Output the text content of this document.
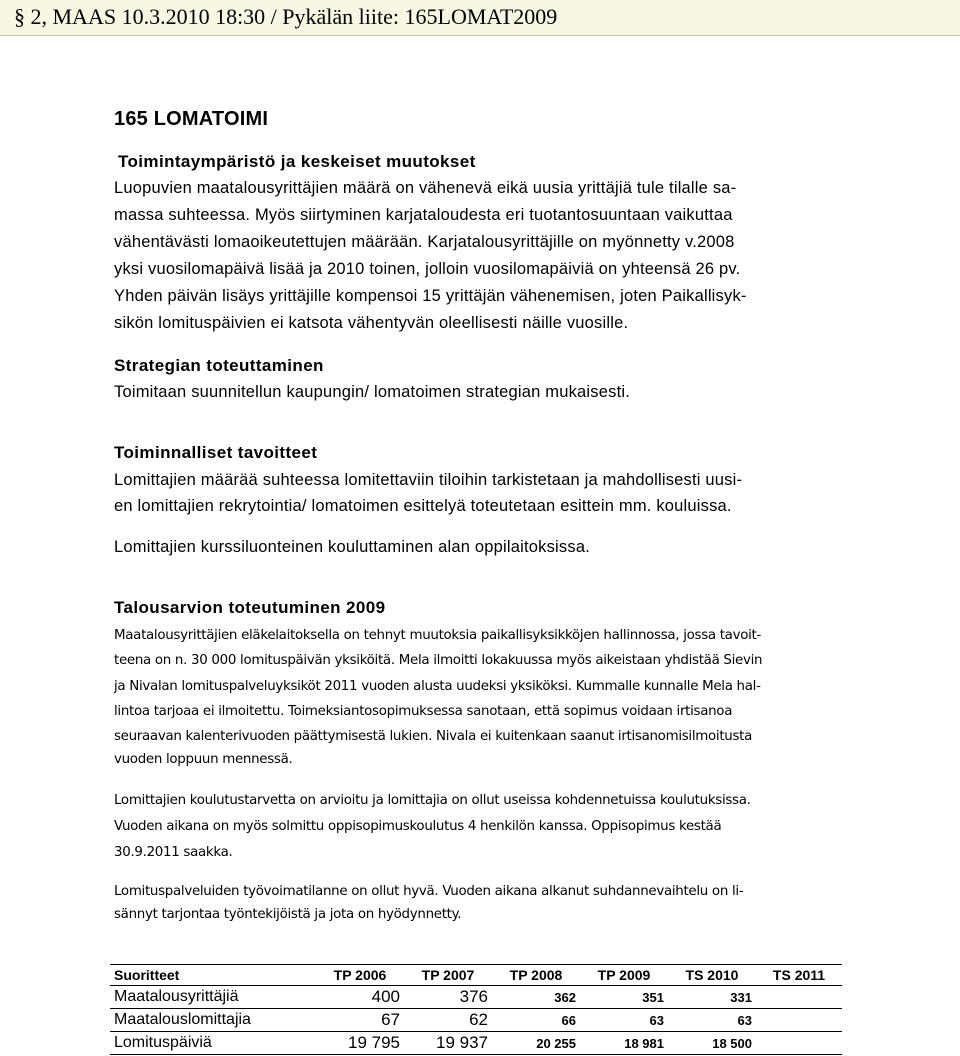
§ 2, MAAS 10.3.2010 18:30 / Pykälän liite: 165LOMAT2009
165 LOMATOIMI
Toimintaympäristö ja keskeiset muutokset
Luopuvien maatalousyrittäjien määrä on vähenevä eikä uusia yrittäjiä tule tilalle sa-
massa suhteessa. Myös siirtyminen karjataloudesta eri tuotantosuuntaan vaikuttaa
vähentävästi lomaoikeutettujen määrään. Karjatalousyrittäjille on myönnetty v.2008
yksi vuosilomapäivä lisää ja 2010 toinen, jolloin vuosilomapäiviä on yhteensä 26 pv.
Yhden päivän lisäys yrittäjille kompensoi 15 yrittäjän vähenemisen, joten Paikallisyk-
sikön lomituspäivien ei katsota vähentyvän oleellisesti näille vuosille.
Strategian toteuttaminen
Toimitaan suunnitellun kaupungin/ lomatoimen strategian mukaisesti.
Toiminnalliset tavoitteet
Lomittajien määrää suhteessa lomitettaviin tiloihin tarkistetaan ja mahdollisesti uusi-
en lomittajien rekrytointia/ lomatoimen esittelyä toteutetaan esittein mm. kouluissa.
Lomittajien kurssiluonteinen kouluttaminen alan oppilaitoksissa.
Talousarvion toteutuminen 2009
Maatalousyrittäjien eläkelaitoksella on tehnyt muutoksia paikallisyksikköjen hallinnossa, jossa tavoit-
teena on n. 30 000 lomituspäivän yksiköitä. Mela ilmoitti lokakuussa myös aikeistaan yhdistää Sievin
ja Nivalan lomituspalveluyksiköt 2011 vuoden alusta uudeksi yksiköksi. Kummalle kunnalle Mela hal-
lintoa tarjoaa ei ilmoitettu. Toimeksiantosopimuksessa sanotaan, että sopimus voidaan irtisanoa
seuraavan kalenterivuoden päättymisestä lukien. Nivala ei kuitenkaan saanut irtisanomisilmoitusta
vuoden loppuun mennessä.
Lomittajien koulutustarvetta on arvioitu ja lomittajia on ollut useissa kohdennetuissa koulutuksissa.
Vuoden aikana on myös solmittu oppisopimuskoulutus 4 henkilön kanssa. Oppisopimus kestää
30.9.2011 saakka.
Lomituspalveluiden työvoimatilanne on ollut hyvä. Vuoden aikana alkanut suhdannevaihtelu on li-
sännyt tarjontaa työntekijöistä ja jota on hyödynnetty.
Suoritteet	TP 2006	TP 2007	TP 2008	TP 2009	TS 2010	TS 2011
Maatalousyrittäjiä	400	376	362	351	331	
Maatalouslomittajia	67	62	66	63	63	
Lomituspäiviä	19 795	19 937	20 255	18 981	18 500	
